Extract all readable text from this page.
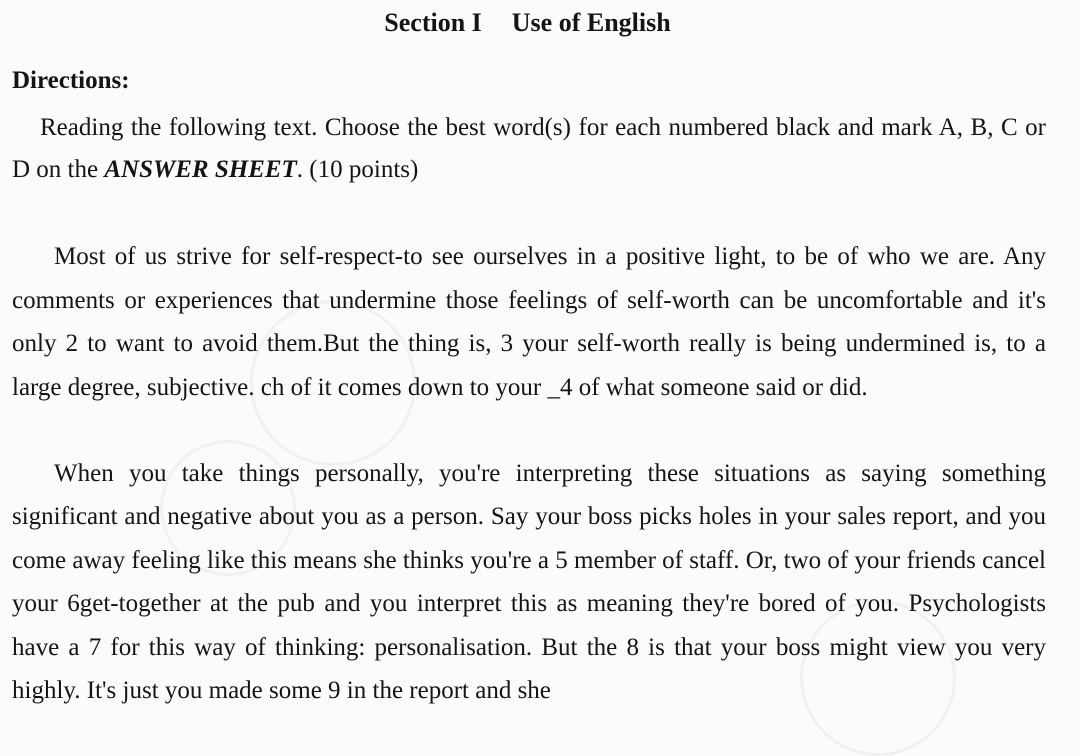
Section I Use of English
Directions:

Reading the following text. Choose the best word(s) for each numbered black and mark A, B, C or D on the ANSWER SHEET. (10 points)

Most of us strive for self-respect-to see ourselves in a positive light, to be of who we are. Any comments or experiences that undermine those feelings of self-worth can be uncomfortable and it's only 2 to want to avoid them.But the thing is, 3 your self-worth really is being undermined is, to a large degree, subjective. ch of it comes down to your _4 of what someone said or did.

When you take things personally, you're interpreting these situations as saying something significant and negative about you as a person. Say your boss picks holes in your sales report, and you come away feeling like this means she thinks you're a 5 member of staff. Or, two of your friends cancel your 6get-together at the pub and you interpret this as meaning they're bored of you. Psychologists have a 7 for this way of thinking: personalisation. But the 8 is that your boss might view you very highly. It's just you made some 9 in the report and she
